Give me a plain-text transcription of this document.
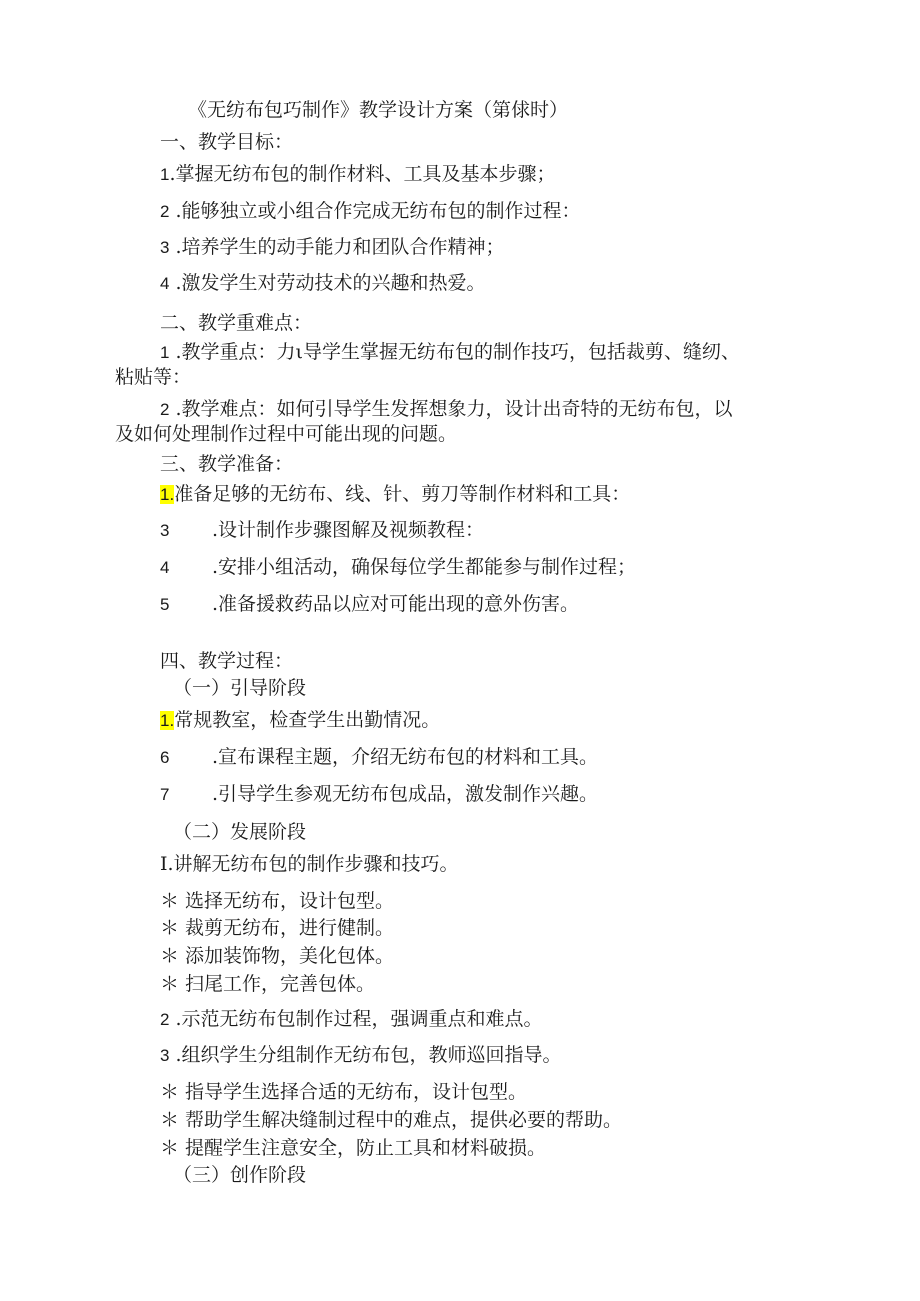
《无纺布包巧制作》教学设计方案（第俅时）
一、教学目标：
1.掌握无纺布包的制作材料、工具及基本步骤；
2 .能够独立或小组合作完成无纺布包的制作过程：
3 .培养学生的动手能力和团队合作精神；
4 .激发学生对劳动技术的兴趣和热爱。
二、教学重难点：
1 .教学重点：力ι导学生掌握无纺布包的制作技巧，包括裁剪、缝纫、
粘贴等：
2 .教学难点：如何引导学生发挥想象力，设计出奇特的无纺布包，以
及如何处理制作过程中可能出现的问题。
三、教学准备：
1.准备足够的无纺布、线、针、剪刀等制作材料和工具：
3 .设计制作步骤图解及视频教程：
4 .安排小组活动，确保每位学生都能参与制作过程；
5 .准备援救药品以应对可能出现的意外伤害。
四、教学过程：
（一）引导阶段
1.常规教室，检查学生出勤情况。
6 .宣布课程主题，介绍无纺布包的材料和工具。
7 .引导学生参观无纺布包成品，激发制作兴趣。
（二）发展阶段
I.讲解无纺布包的制作步骤和技巧。
＊ 选择无纺布，设计包型。
＊ 裁剪无纺布，进行健制。
＊ 添加装饰物，美化包体。
＊ 扫尾工作，完善包体。
2 .示范无纺布包制作过程，强调重点和难点。
3 .组织学生分组制作无纺布包，教师巡回指导。
＊ 指导学生选择合适的无纺布，设计包型。
＊ 帮助学生解决缝制过程中的难点，提供必要的帮助。
＊ 提醒学生注意安全，防止工具和材料破损。
（三）创作阶段
